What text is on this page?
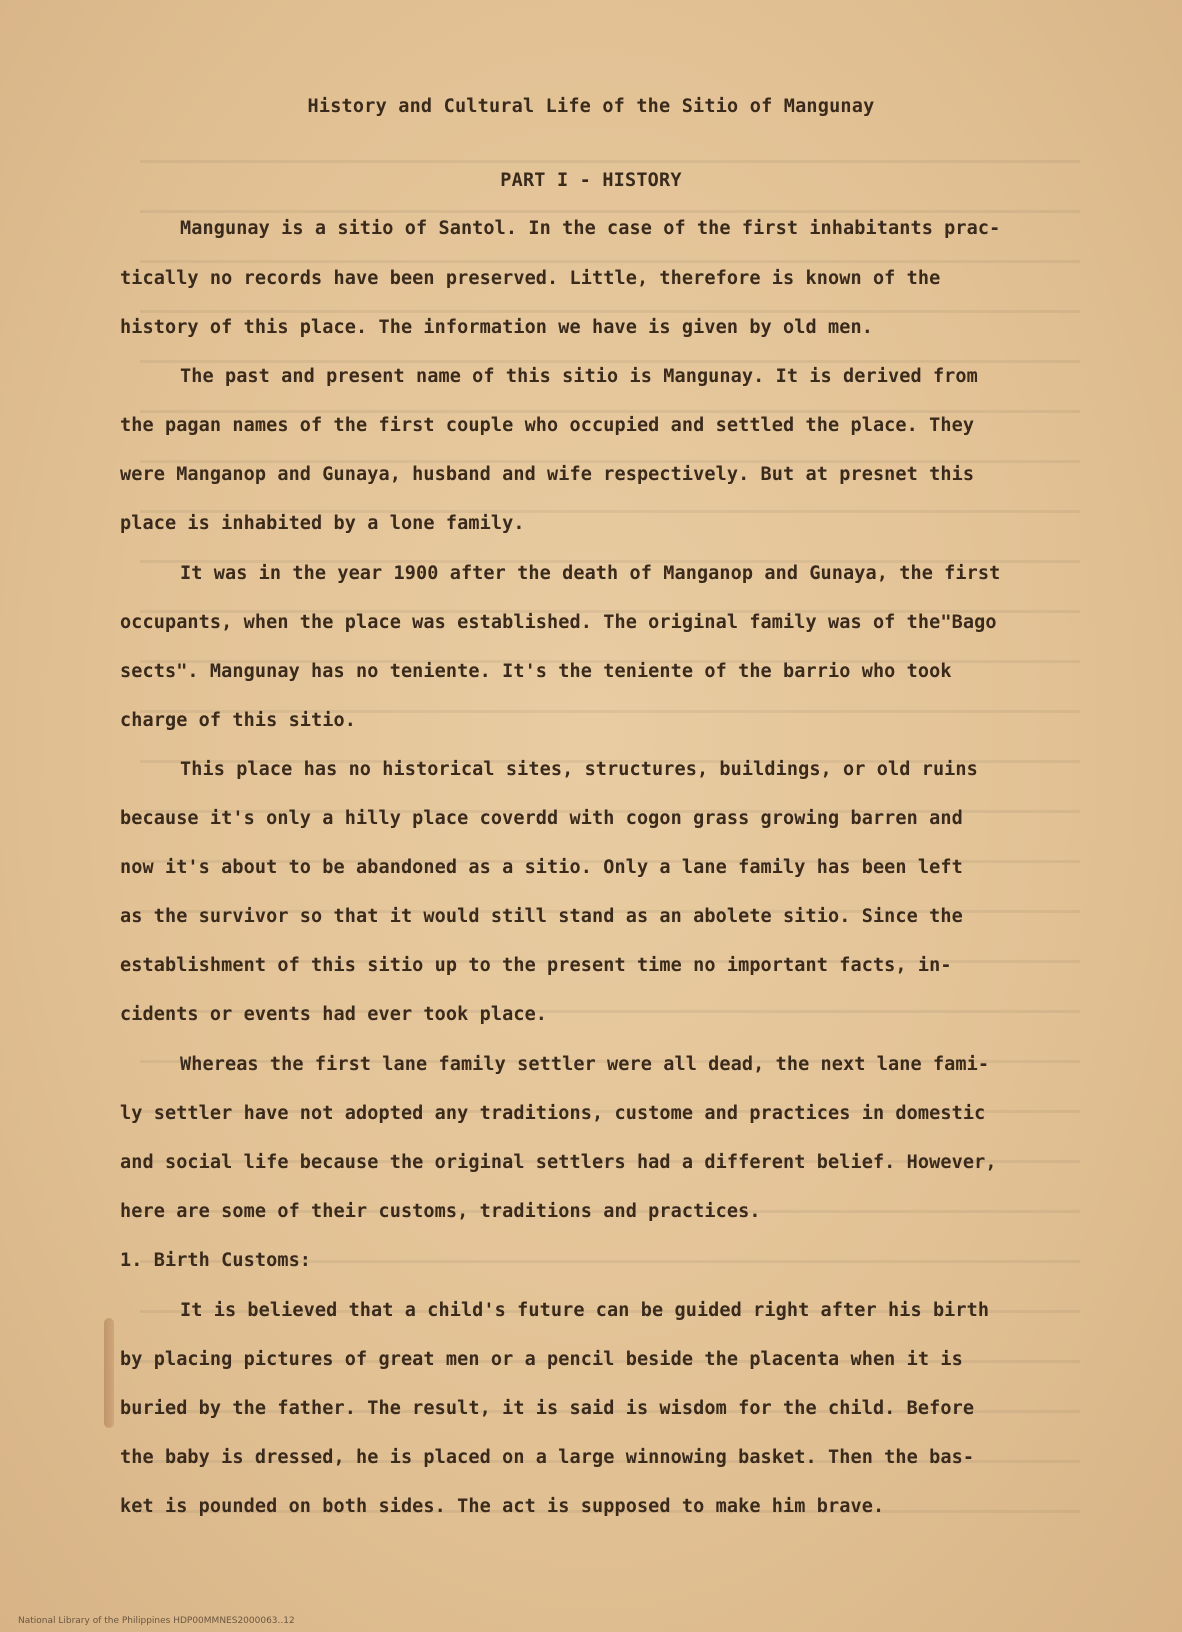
History and Cultural Life of the Sitio of Mangunay
PART I - HISTORY
Mangunay is a sitio of Santol. In the case of the first inhabitants prac-
tically no records have been preserved. Little, therefore is known of the
history of this place. The information we have is given by old men.
The past and present name of this sitio is Mangunay. It is derived from
the pagan names of the first couple who occupied and settled the place. They
were Manganop and Gunaya, husband and wife respectively. But at presnet this
place is inhabited by a lone family.
It was in the year 1900 after the death of Manganop and Gunaya, the first
occupants, when the place was established. The original family was of the"Bago
sects". Mangunay has no teniente. It's the teniente of the barrio who took
charge of this sitio.
This place has no historical sites, structures, buildings, or old ruins
because it's only a hilly place coverdd with cogon grass growing barren and
now it's about to be abandoned as a sitio. Only a lane family has been left
as the survivor so that it would still stand as an abolete sitio. Since the
establishment of this sitio up to the present time no important facts, in-
cidents or events had ever took place.
Whereas the first lane family settler were all dead, the next lane fami-
ly settler have not adopted any traditions, custome and practices in domestic
and social life because the original settlers had a different belief. However,
here are some of their customs, traditions and practices.
1. Birth Customs:
It is believed that a child's future can be guided right after his birth
by placing pictures of great men or a pencil beside the placenta when it is
buried by the father. The result, it is said is wisdom for the child. Before
the baby is dressed, he is placed on a large winnowing basket. Then the bas-
ket is pounded on both sides. The act is supposed to make him brave.
National Library of the Philippines HDP00MMNES2000063..12
